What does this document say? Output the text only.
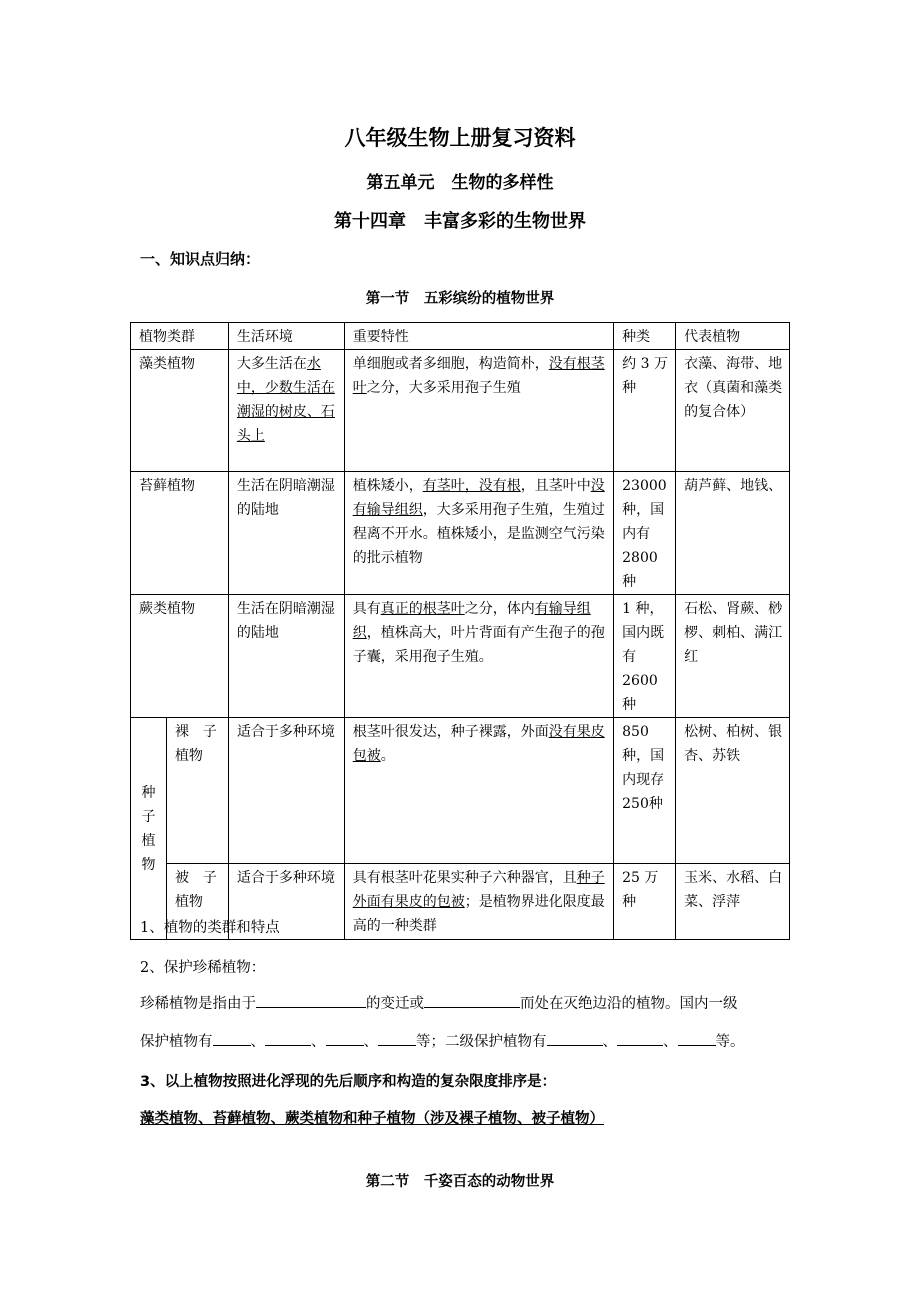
八年级生物上册复习资料
第五单元　生物的多样性
第十四章　丰富多彩的生物世界
一、知识点归纳：
第一节　五彩缤纷的植物世界
植物类群		生活环境	重要特性	种类	代表植物
藻类植物		大多生活在水中，少数生活在潮湿的树皮、石头上	单细胞或者多细胞，构造简朴，没有根茎叶之分，大多采用孢子生殖	约 3 万种	衣藻、海带、地衣（真菌和藻类的复合体）
苔藓植物		生活在阴暗潮湿的陆地	植株矮小，有茎叶，没有根，且茎叶中没有输导组织，大多采用孢子生殖，生殖过程离不开水。植株矮小，是监测空气污染的批示植物	23000种，国内有2800种	葫芦藓、地钱、
蕨类植物		生活在阴暗潮湿的陆地	具有真正的根茎叶之分，体内有输导组织，植株高大，叶片背面有产生孢子的孢子囊，采用孢子生殖。	1 种，国内既有2600种	石松、肾蕨、桫椤、刺柏、满江红

种
子
植
物	裸　子植物	适合于多种环境	根茎叶很发达，种子裸露，外面没有果皮包被。	850种，国内现存250种	松树、柏树、银杏、苏铁
	被　子植物	适合于多种环境	具有根茎叶花果实种子六种器官，且种子外面有果皮的包被；是植物界进化限度最高的一种类群	25 万种	玉米、水稻、白菜、浮萍
1、植物的类群和特点
2、保护珍稀植物：
珍稀植物是指由于	的变迁或	而处在灭绝边沿的植物。国内一级
保护植物有	、	、	、	等；二级保护植物有	、	、	等。
3、以上植物按照进化浮现的先后顺序和构造的复杂限度排序是：
藻类植物、苔藓植物、蕨类植物和种子植物（涉及裸子植物、被子植物）
第二节　千姿百态的动物世界
